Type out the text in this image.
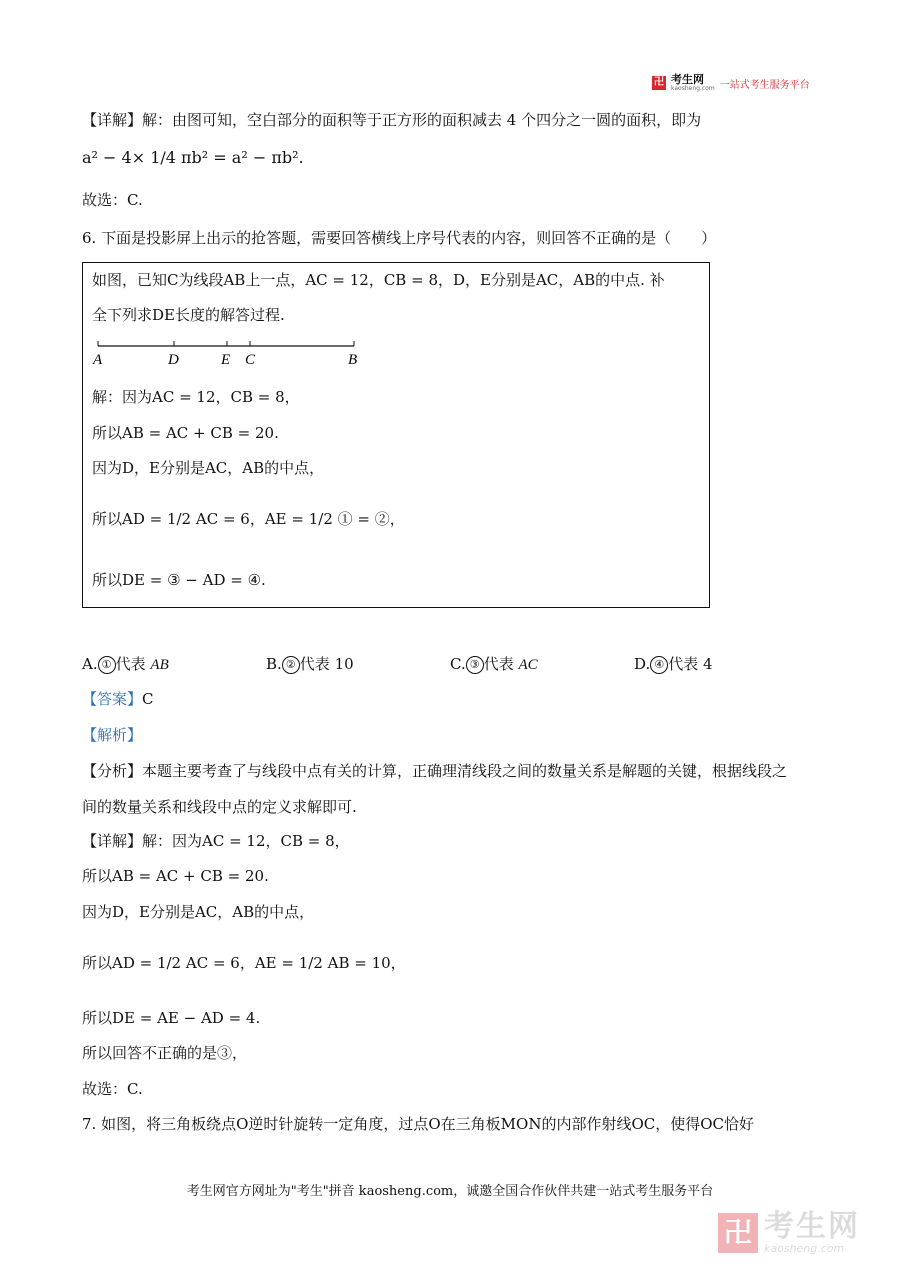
卍 考生网
kaosheng.com 一站式考生服务平台
【详解】解：由图可知，空白部分的面积等于正方形的面积减去 4 个四分之一圆的面积，即为
a² − 4× 1/4 πb² = a² − πb².
故选：C.
6. 下面是投影屏上出示的抢答题，需要回答横线上序号代表的内容，则回答不正确的是（　　）
如图，已知C为线段AB上一点，AC = 12，CB = 8，D，E分别是AC，AB的中点. 补
全下列求DE长度的解答过程.
A	D	E C	B
解：因为AC = 12，CB = 8，
所以AB = AC + CB = 20.
因为D，E分别是AC，AB的中点，
所以AD = 1/2 AC = 6，AE = 1/2 ① = ②，
所以DE = ③ − AD = ④.
A. ① 代表 AB	B. ② 代表 10	C. ③ 代表 AC	D. ④ 代表 4
【答案】C
【解析】
【分析】本题主要考查了与线段中点有关的计算，正确理清线段之间的数量关系是解题的关键，根据线段之
间的数量关系和线段中点的定义求解即可.
【详解】解：因为AC = 12，CB = 8，
所以AB = AC + CB = 20.
因为D，E分别是AC，AB的中点，
所以AD = 1/2 AC = 6，AE = 1/2 AB = 10，
所以DE = AE − AD = 4.
所以回答不正确的是③，
故选：C.
7. 如图，将三角板绕点O逆时针旋转一定角度，过点O在三角板MON的内部作射线OC，使得OC恰好
考生网官方网址为"考生"拼音 kaosheng.com，诚邀全国合作伙伴共建一站式考生服务平台
卍 考生网
kaosheng.com
